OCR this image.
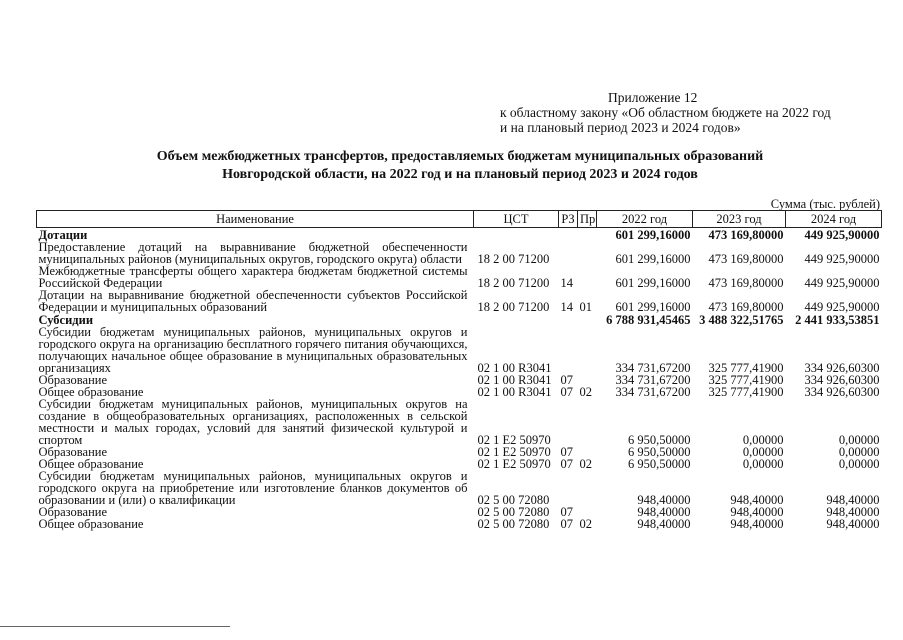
Приложение 12
к областному закону «Об областном бюджете на 2022 год
и на плановый период 2023 и 2024 годов»
Объем межбюджетных трансфертов, предоставляемых бюджетам муниципальных образований
Новгородской области, на 2022 год и на плановый период 2023 и 2024 годов
Сумма (тыс. рублей)
Наименование	ЦСТ	РЗ	Пр	2022 год	2023 год	2024 год
Дотации				601 299,16000	473 169,80000	449 925,90000
Предоставление дотаций на выравнивание бюджетной обеспеченности муниципальных районов (муниципальных округов, городского округа) области	18 2 00 71200			601 299,16000	473 169,80000	449 925,90000
Межбюджетные трансферты общего характера бюджетам бюджетной системы Российской Федерации	18 2 00 71200	14		601 299,16000	473 169,80000	449 925,90000
Дотации на выравнивание бюджетной обеспеченности субъектов Российской Федерации и муниципальных образований	18 2 00 71200	14	01	601 299,16000	473 169,80000	449 925,90000
Субсидии				6 788 931,45465	3 488 322,51765	2 441 933,53851
Субсидии бюджетам муниципальных районов, муниципальных округов и городского округа на организацию бесплатного горячего питания обучающихся, получающих начальное общее образование в муниципальных образовательных организациях	02 1 00 R3041			334 731,67200	325 777,41900	334 926,60300
Образование	02 1 00 R3041	07		334 731,67200	325 777,41900	334 926,60300
Общее образование	02 1 00 R3041	07	02	334 731,67200	325 777,41900	334 926,60300
Субсидии бюджетам муниципальных районов, муниципальных округов на создание в общеобразовательных организациях, расположенных в сельской местности и малых городах, условий для занятий физической культурой и спортом	02 1 E2 50970			6 950,50000	0,00000	0,00000
Образование	02 1 E2 50970	07		6 950,50000	0,00000	0,00000
Общее образование	02 1 E2 50970	07	02	6 950,50000	0,00000	0,00000
Субсидии бюджетам муниципальных районов, муниципальных округов и городского округа на приобретение или изготовление бланков документов об образовании и (или) о квалификации	02 5 00 72080			948,40000	948,40000	948,40000
Образование	02 5 00 72080	07		948,40000	948,40000	948,40000
Общее образование	02 5 00 72080	07	02	948,40000	948,40000	948,40000
